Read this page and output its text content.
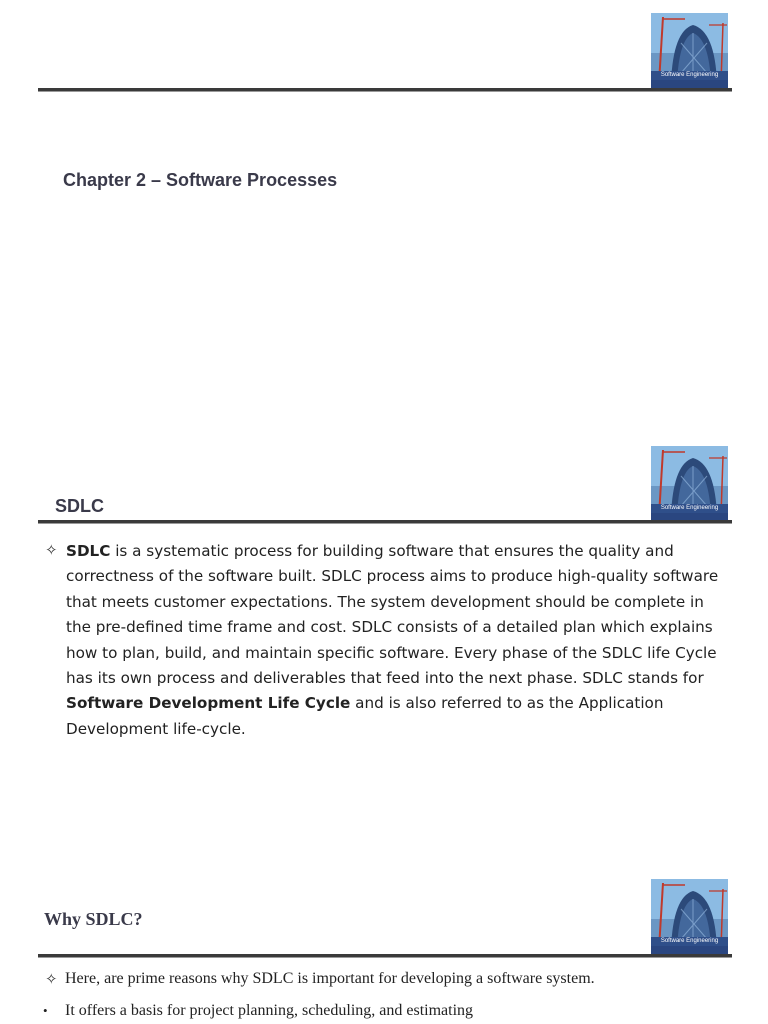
Software Engineering
Chapter 2 – Software Processes
Software Engineering
SDLC
✧ SDLC is a systematic process for building software that ensures the quality and correctness of the software built. SDLC process aims to produce high-quality software that meets customer expectations. The system development should be complete in the pre-defined time frame and cost. SDLC consists of a detailed plan which explains how to plan, build, and maintain specific software. Every phase of the SDLC life Cycle has its own process and deliverables that feed into the next phase. SDLC stands for Software Development Life Cycle and is also referred to as the Application Development life-cycle.
Software Engineering
Why SDLC?
✧ Here, are prime reasons why SDLC is important for developing a software system.
• It offers a basis for project planning, scheduling, and estimating
